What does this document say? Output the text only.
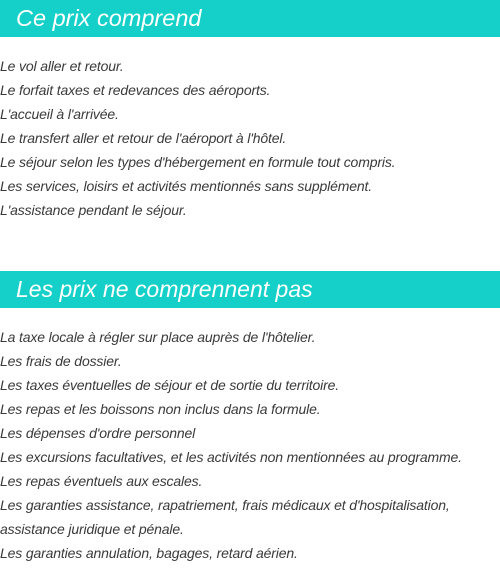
Ce prix comprend
Le vol aller et retour.
Le forfait taxes et redevances des aéroports.
L'accueil à l'arrivée.
Le transfert aller et retour de l'aéroport à l'hôtel.
Le séjour selon les types d'hébergement en formule tout compris.
Les services, loisirs et activités mentionnés sans supplément.
L'assistance pendant le séjour.
Les prix ne comprennent pas
La taxe locale à régler sur place auprès de l'hôtelier.
Les frais de dossier.
Les taxes éventuelles de séjour et de sortie du territoire.
Les repas et les boissons non inclus dans la formule.
Les dépenses d'ordre personnel
Les excursions facultatives, et les activités non mentionnées au programme.
Les repas éventuels aux escales.
Les garanties assistance, rapatriement, frais médicaux et d'hospitalisation,
assistance juridique et pénale.
Les garanties annulation, bagages, retard aérien.
